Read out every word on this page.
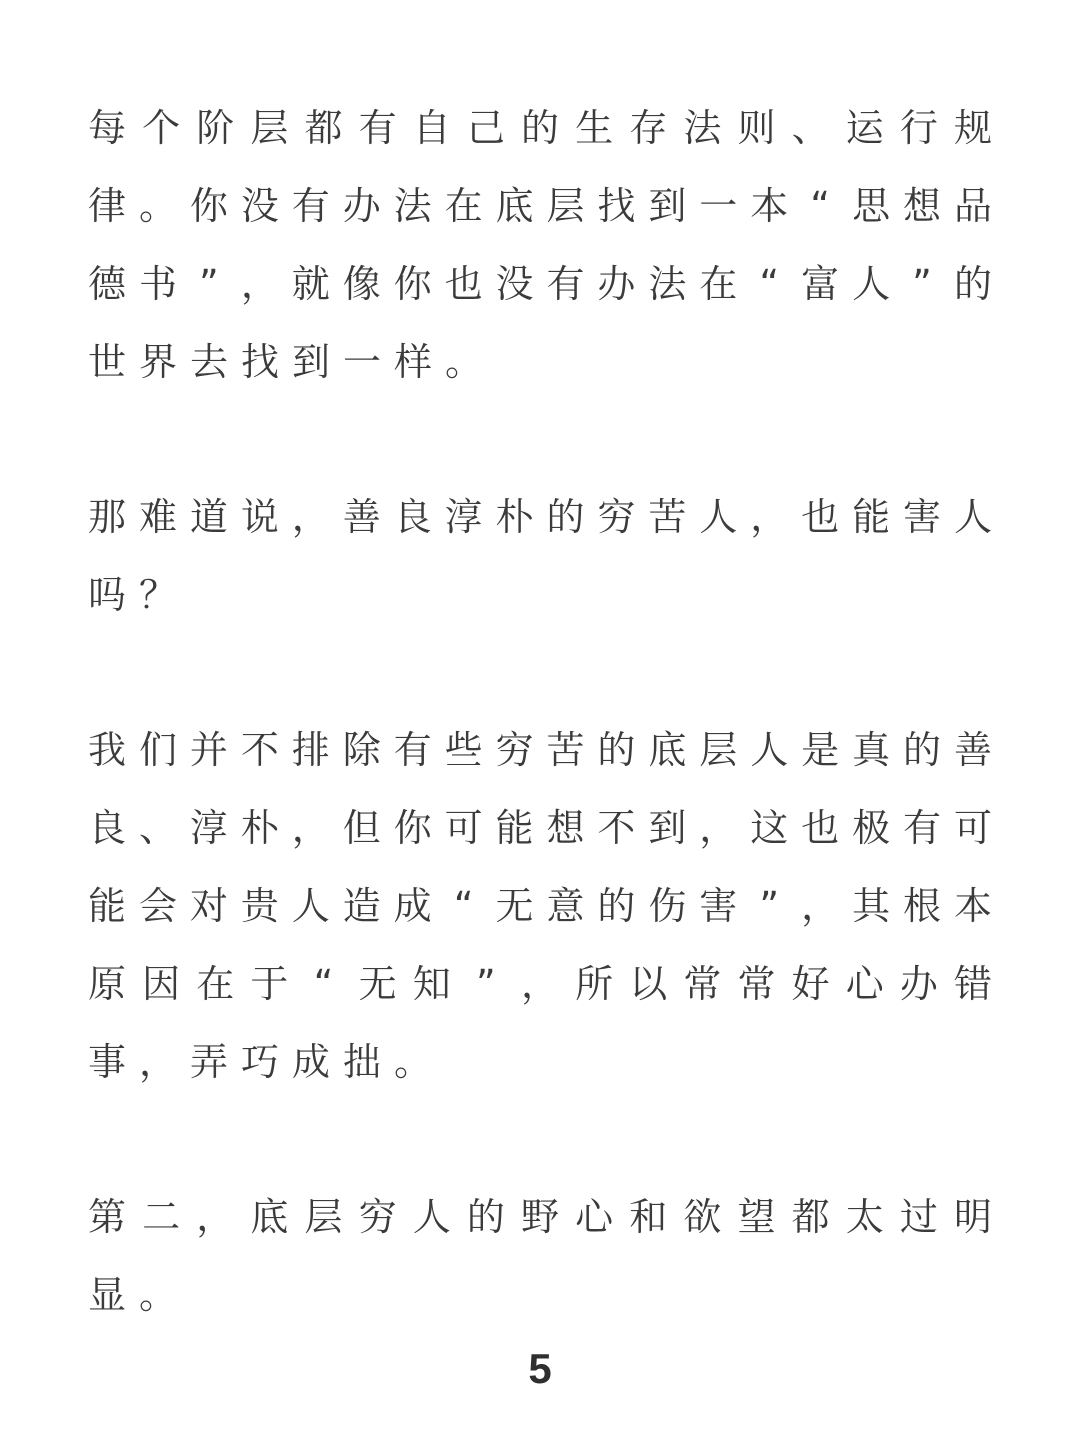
每 个 阶 层 都 有 自 己 的 生 存 法 则 、 运 行 规
律 。 你 没 有 办 法 在 底 层 找 到 一 本 “ 思 想 品
德 书 ” ， 就 像 你 也 没 有 办 法 在 “ 富 人 ” 的
世 界 去 找 到 一 样 。
那 难 道 说 ， 善 良 淳 朴 的 穷 苦 人 ， 也 能 害 人
吗 ？
我 们 并 不 排 除 有 些 穷 苦 的 底 层 人 是 真 的 善
良 、 淳 朴 ， 但 你 可 能 想 不 到 ， 这 也 极 有 可
能 会 对 贵 人 造 成 “ 无 意 的 伤 害 ” ， 其 根 本
原 因 在 于 “ 无 知 ” ， 所 以 常 常 好 心 办 错
事 ， 弄 巧 成 拙 。
第 二 ， 底 层 穷 人 的 野 心 和 欲 望 都 太 过 明
显 。
5
